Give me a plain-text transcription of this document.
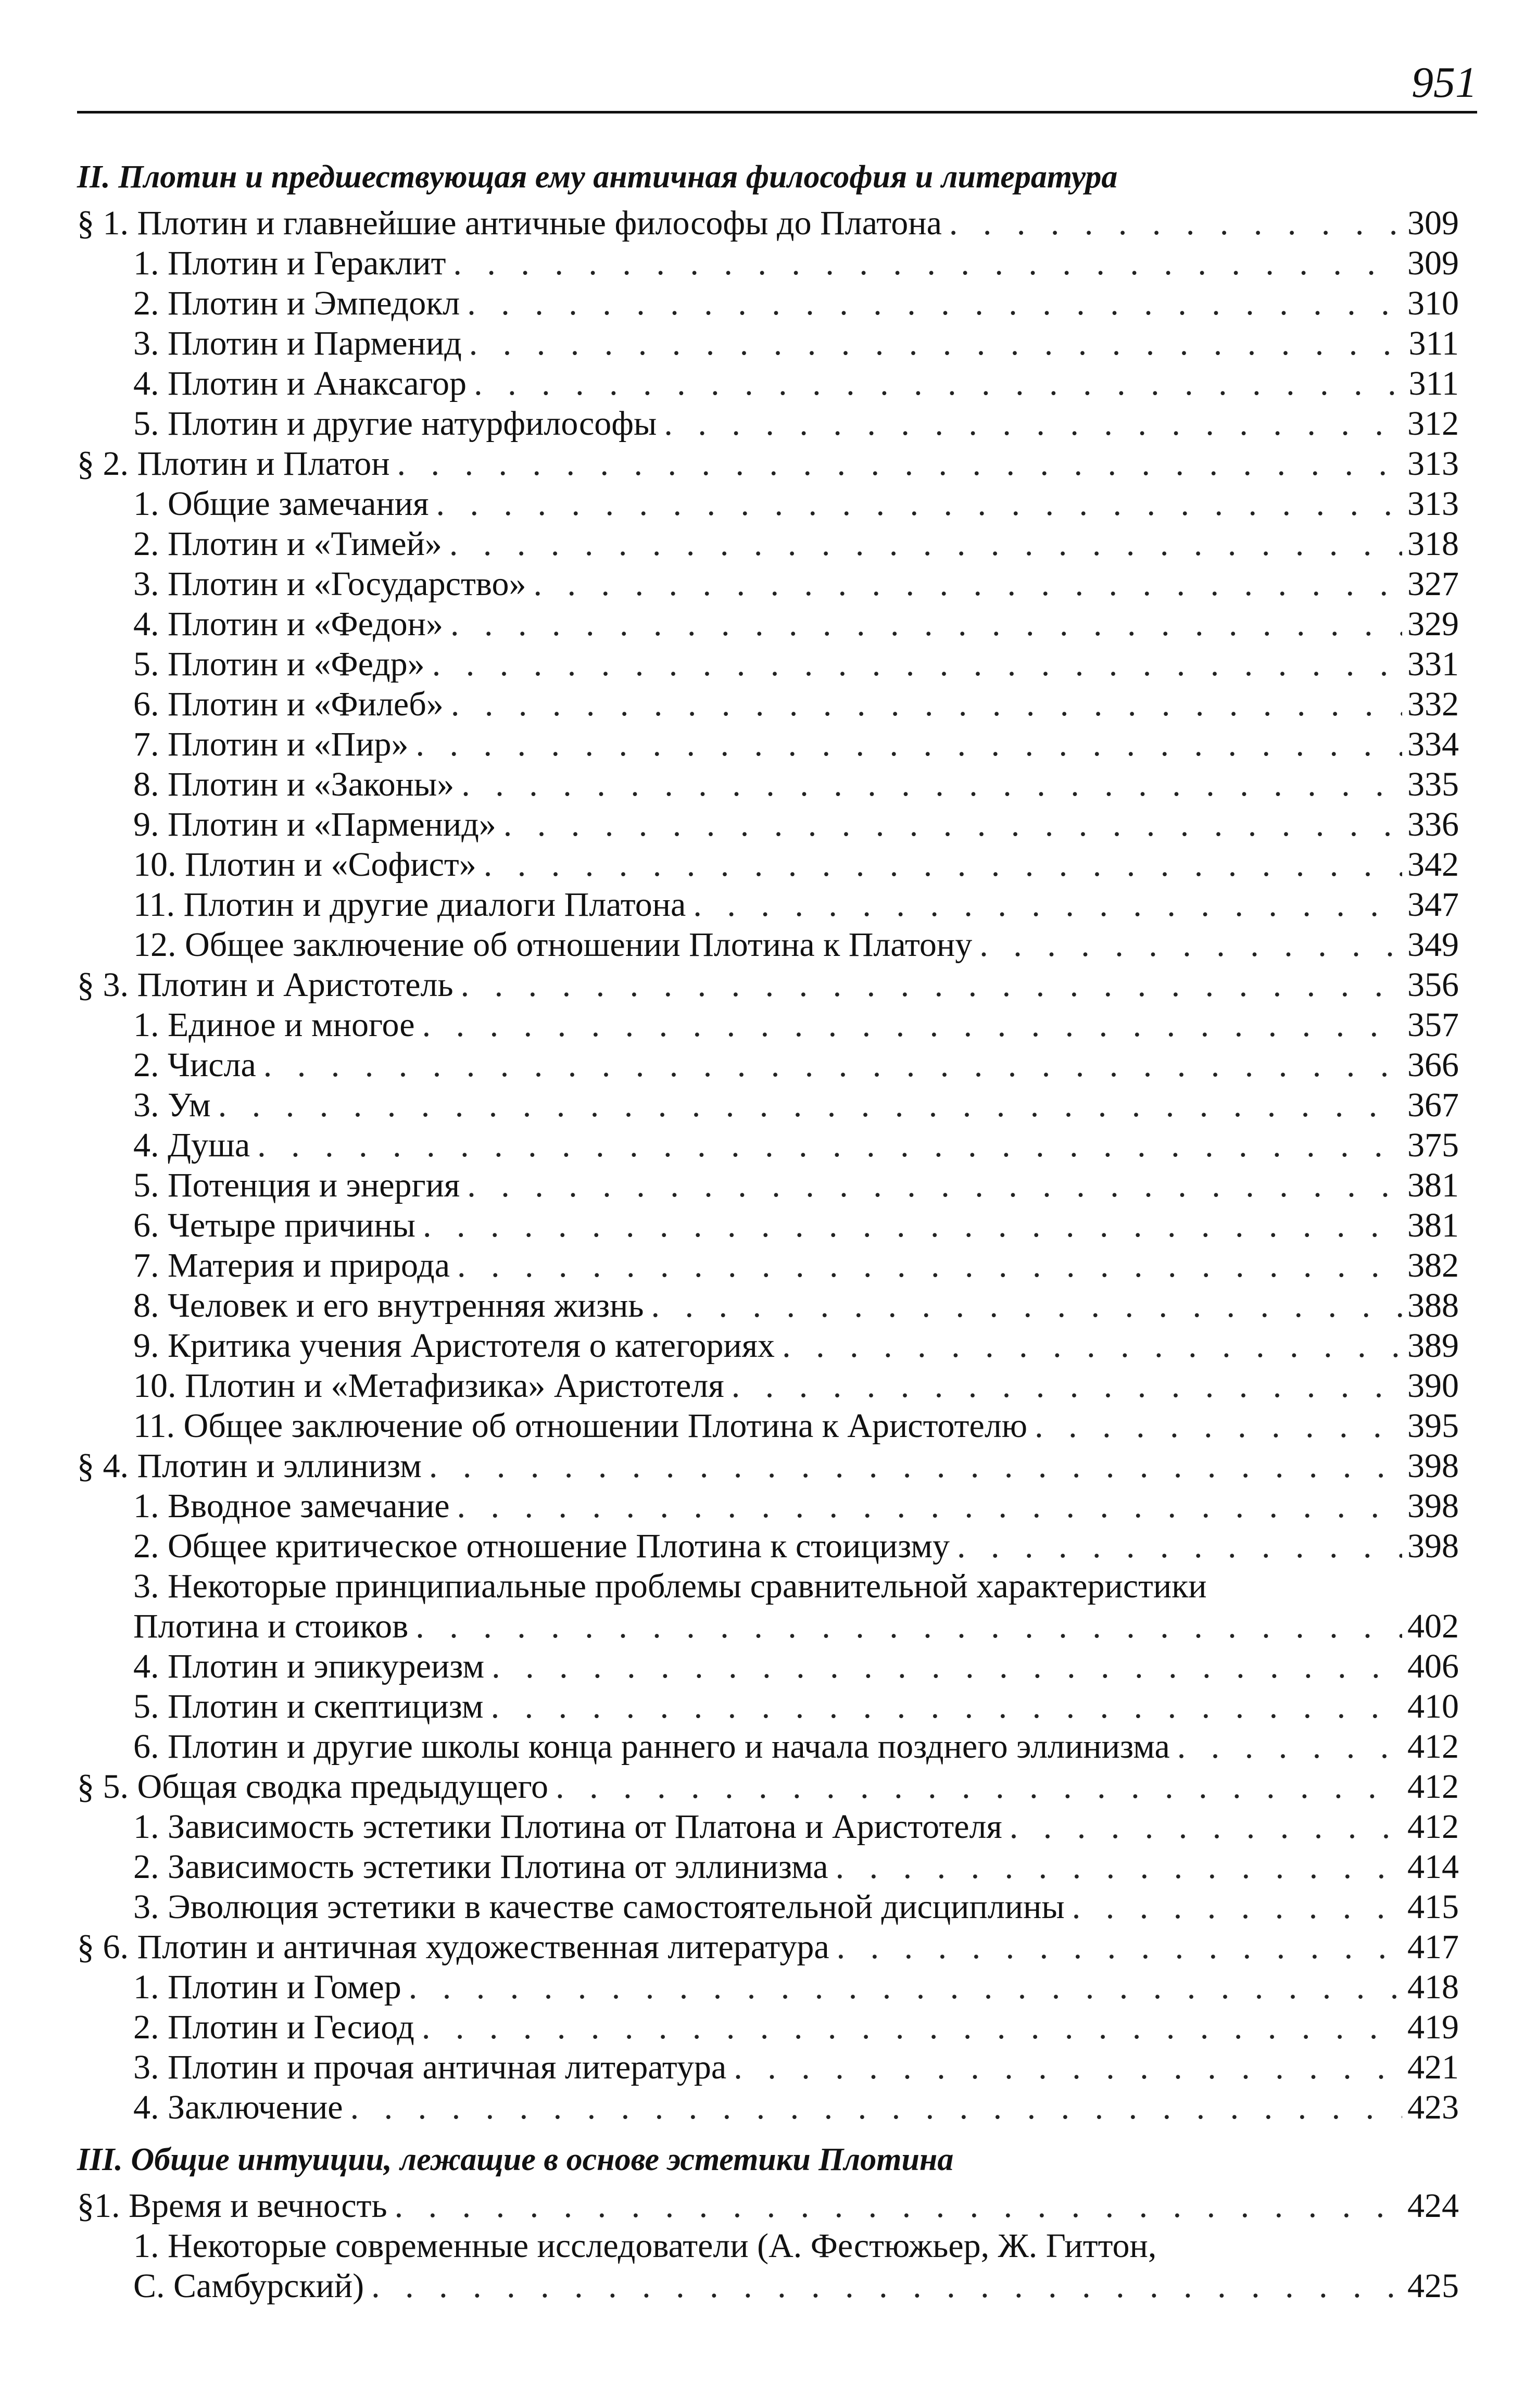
951
II. Плотин и предшествующая ему античная философия и литература
§ 1. Плотин и главнейшие античные философы до Платона . . .	309
1. Плотин и Гераклит . . .	309
2. Плотин и Эмпедокл . . .	310
3. Плотин и Парменид . . .	311
4. Плотин и Анаксагор . . .	311
5. Плотин и другие натурфилософы . . .	312
§ 2. Плотин и Платон . . .	313
1. Общие замечания . . .	313
2. Плотин и «Тимей» . . .	318
3. Плотин и «Государство» . . .	327
4. Плотин и «Федон» . . .	329
5. Плотин и «Федр» . . .	331
6. Плотин и «Филеб» . . .	332
7. Плотин и «Пир» . . .	334
8. Плотин и «Законы» . . .	335
9. Плотин и «Парменид» . . .	336
10. Плотин и «Софист» . . .	342
11. Плотин и другие диалоги Платона . . .	347
12. Общее заключение об отношении Плотина к Платону . . .	349
§ 3. Плотин и Аристотель . . .	356
1. Единое и многое . . .	357
2. Числа . . .	366
3. Ум . . .	367
4. Душа . . .	375
5. Потенция и энергия . . .	381
6. Четыре причины . . .	381
7. Материя и природа . . .	382
8. Человек и его внутренняя жизнь . . .	388
9. Критика учения Аристотеля о категориях . . .	389
10. Плотин и «Метафизика» Аристотеля . . .	390
11. Общее заключение об отношении Плотина к Аристотелю . . .	395
§ 4. Плотин и эллинизм . . .	398
1. Вводное замечание . . .	398
2. Общее критическое отношение Плотина к стоицизму . . .	398
3. Некоторые принципиальные проблемы сравнительной характеристики
Плотина и стоиков . . .	402
4. Плотин и эпикуреизм . . .	406
5. Плотин и скептицизм . . .	410
6. Плотин и другие школы конца раннего и начала позднего эллинизма . . .	412
§ 5. Общая сводка предыдущего . . .	412
1. Зависимость эстетики Плотина от Платона и Аристотеля . . .	412
2. Зависимость эстетики Плотина от эллинизма . . .	414
3. Эволюция эстетики в качестве самостоятельной дисциплины . . .	415
§ 6. Плотин и античная художественная литература . . .	417
1. Плотин и Гомер . . .	418
2. Плотин и Гесиод . . .	419
3. Плотин и прочая античная литература . . .	421
4. Заключение . . .	423
III. Общие интуиции, лежащие в основе эстетики Плотина
§1. Время и вечность . . .	424
1. Некоторые современные исследователи (А. Фестюжьер, Ж. Гиттон,
С. Самбурский) . . .	425
